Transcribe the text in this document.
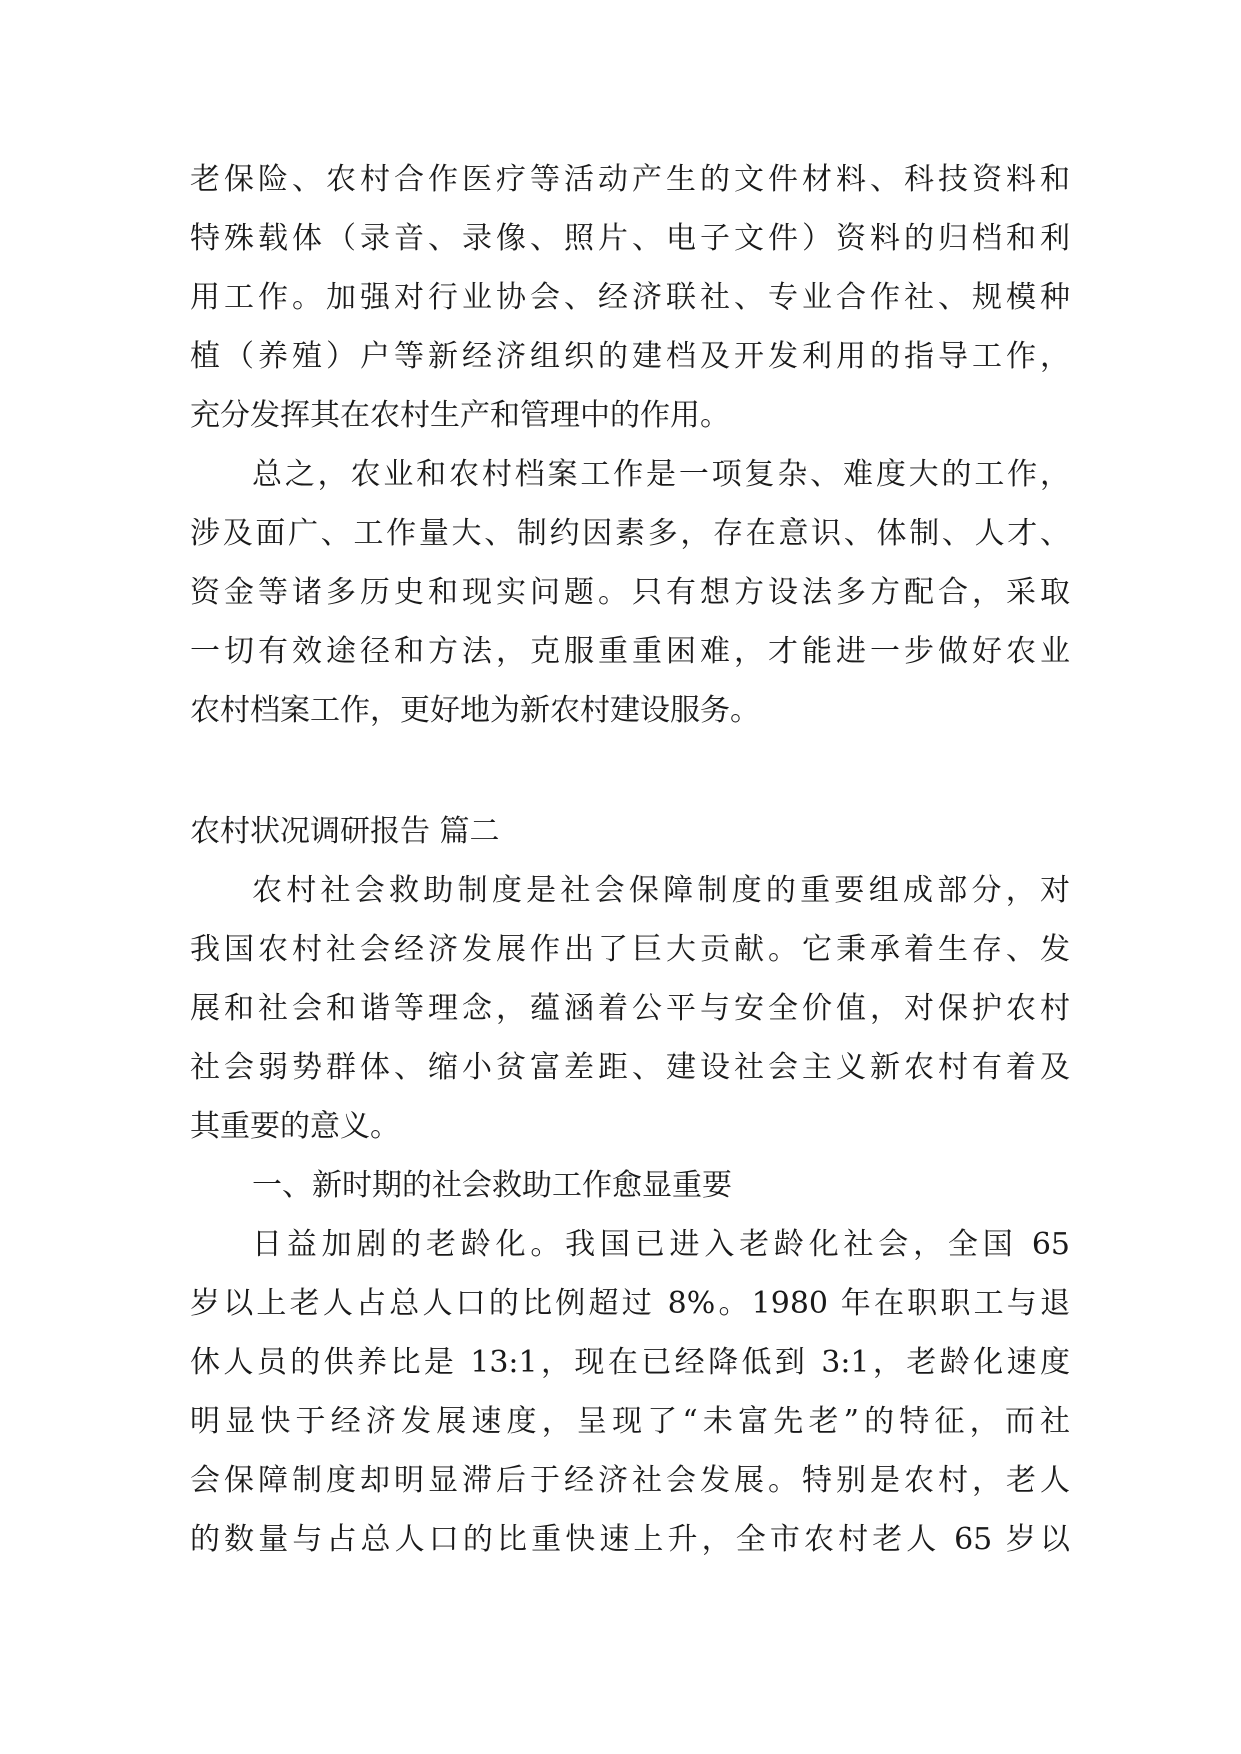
老保险、农村合作医疗等活动产生的文件材料、科技资料和
特殊载体（录音、录像、照片、电子文件）资料的归档和利
用工作。加强对行业协会、经济联社、专业合作社、规模种
植（养殖）户等新经济组织的建档及开发利用的指导工作，
充分发挥其在农村生产和管理中的作用。
总之，农业和农村档案工作是一项复杂、难度大的工作，
涉及面广、工作量大、制约因素多，存在意识、体制、人才、
资金等诸多历史和现实问题。只有想方设法多方配合，采取
一切有效途径和方法，克服重重困难，才能进一步做好农业
农村档案工作，更好地为新农村建设服务。
农村状况调研报告 篇二
农村社会救助制度是社会保障制度的重要组成部分，对
我国农村社会经济发展作出了巨大贡献。它秉承着生存、发
展和社会和谐等理念，蕴涵着公平与安全价值，对保护农村
社会弱势群体、缩小贫富差距、建设社会主义新农村有着及
其重要的意义。
一、新时期的社会救助工作愈显重要
日益加剧的老龄化。我国已进入老龄化社会，全国 65
岁以上老人占总人口的比例超过 8%。1980 年在职职工与退
休人员的供养比是 13:1，现在已经降低到 3:1，老龄化速度
明显快于经济发展速度，呈现了“未富先老”的特征，而社
会保障制度却明显滞后于经济社会发展。特别是农村，老人
的数量与占总人口的比重快速上升，全市农村老人 65 岁以
